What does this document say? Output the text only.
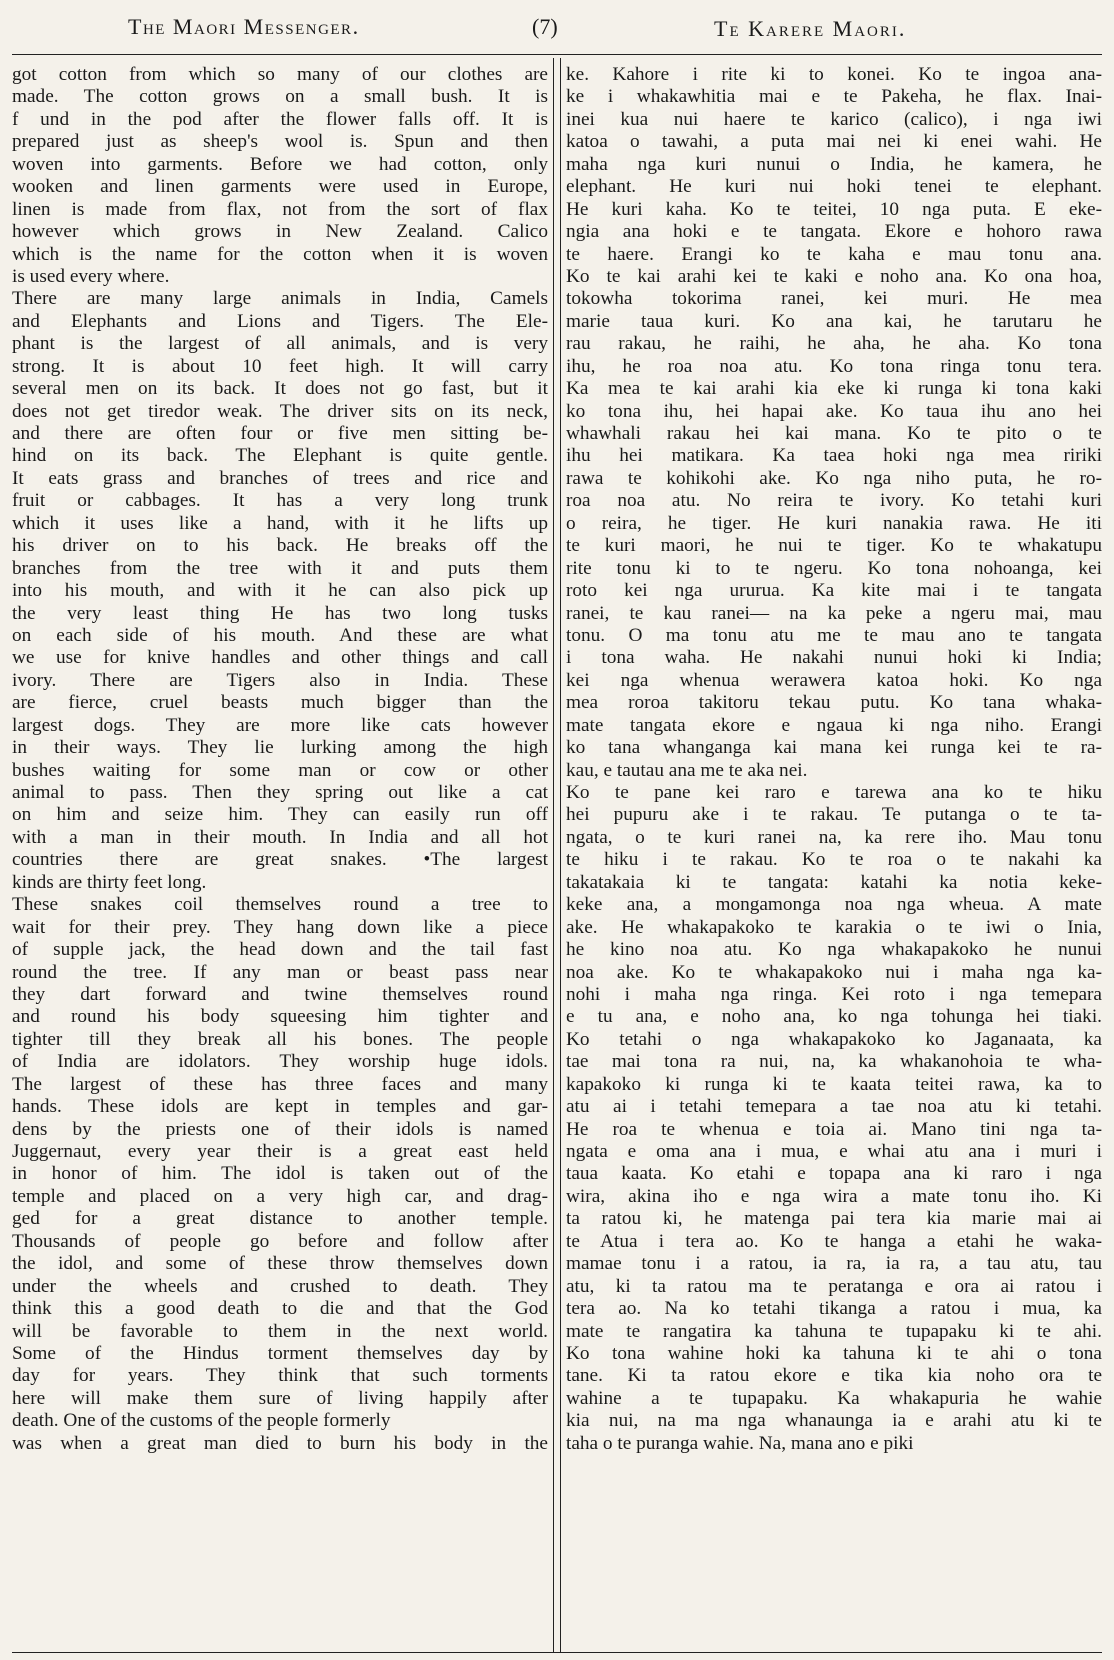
The Maori Messenger.	(7)	Te Karere Maori.
got cotton from which so many of our clothes are
made. The cotton grows on a small bush. It is
f und in the pod after the flower falls off. It is
prepared just as sheep's wool is. Spun and then
woven into garments. Before we had cotton, only
wooken and linen garments were used in Europe,
linen is made from flax, not from the sort of flax
however which grows in New Zealand. Calico
which is the name for the cotton when it is woven
is used every where.
There are many large animals in India, Camels
and Elephants and Lions and Tigers. The Ele-
phant is the largest of all animals, and is very
strong. It is about 10 feet high. It will carry
several men on its back. It does not go fast, but it
does not get tiredor weak. The driver sits on its neck,
and there are often four or five men sitting be-
hind on its back. The Elephant is quite gentle.
It eats grass and branches of trees and rice and
fruit or cabbages. It has a very long trunk
which it uses like a hand, with it he lifts up
his driver on to his back. He breaks off the
branches from the tree with it and puts them
into his mouth, and with it he can also pick up
the very least thing He has two long tusks
on each side of his mouth. And these are what
we use for knive handles and other things and call
ivory. There are Tigers also in India. These
are fierce, cruel beasts much bigger than the
largest dogs. They are more like cats however
in their ways. They lie lurking among the high
bushes waiting for some man or cow or other
animal to pass. Then they spring out like a cat
on him and seize him. They can easily run off
with a man in their mouth. In India and all hot
countries there are great snakes. •The largest
kinds are thirty feet long.
These snakes coil themselves round a tree to
wait for their prey. They hang down like a piece
of supple jack, the head down and the tail fast
round the tree. If any man or beast pass near
they dart forward and twine themselves round
and round his body squeesing him tighter and
tighter till they break all his bones. The people
of India are idolators. They worship huge idols.
The largest of these has three faces and many
hands. These idols are kept in temples and gar-
dens by the priests one of their idols is named
Juggernaut, every year their is a great east held
in honor of him. The idol is taken out of the
temple and placed on a very high car, and drag-
ged for a great distance to another temple.
Thousands of people go before and follow after
the idol, and some of these throw themselves down
under the wheels and crushed to death. They
think this a good death to die and that the God
will be favorable to them in the next world.
Some of the Hindus torment themselves day by
day for years. They think that such torments
here will make them sure of living happily after
death. One of the customs of the people formerly
was when a great man died to burn his body in the
ke. Kahore i rite ki to konei. Ko te ingoa ana-
ke i whakawhitia mai e te Pakeha, he flax. Inai-
inei kua nui haere te karico (calico), i nga iwi
katoa o tawahi, a puta mai nei ki enei wahi. He
maha nga kuri nunui o India, he kamera, he
elephant. He kuri nui hoki tenei te elephant.
He kuri kaha. Ko te teitei, 10 nga puta. E eke-
ngia ana hoki e te tangata. Ekore e hohoro rawa
te haere. Erangi ko te kaha e mau tonu ana.
Ko te kai arahi kei te kaki e noho ana. Ko ona hoa,
tokowha tokorima ranei, kei muri. He mea
marie taua kuri. Ko ana kai, he tarutaru he
rau rakau, he raihi, he aha, he aha. Ko tona
ihu, he roa noa atu. Ko tona ringa tonu tera.
Ka mea te kai arahi kia eke ki runga ki tona kaki
ko tona ihu, hei hapai ake. Ko taua ihu ano hei
whawhali rakau hei kai mana. Ko te pito o te
ihu hei matikara. Ka taea hoki nga mea ririki
rawa te kohikohi ake. Ko nga niho puta, he ro-
roa noa atu. No reira te ivory. Ko tetahi kuri
o reira, he tiger. He kuri nanakia rawa. He iti
te kuri maori, he nui te tiger. Ko te whakatupu
rite tonu ki to te ngeru. Ko tona nohoanga, kei
roto kei nga ururua. Ka kite mai i te tangata
ranei, te kau ranei— na ka peke a ngeru mai, mau
tonu. O ma tonu atu me te mau ano te tangata
i tona waha. He nakahi nunui hoki ki India;
kei nga whenua werawera katoa hoki. Ko nga
mea roroa takitoru tekau putu. Ko tana whaka-
mate tangata ekore e ngaua ki nga niho. Erangi
ko tana whanganga kai mana kei runga kei te ra-
kau, e tautau ana me te aka nei.
Ko te pane kei raro e tarewa ana ko te hiku
hei pupuru ake i te rakau. Te putanga o te ta-
ngata, o te kuri ranei na, ka rere iho. Mau tonu
te hiku i te rakau. Ko te roa o te nakahi ka
takatakaia ki te tangata: katahi ka notia keke-
keke ana, a mongamonga noa nga wheua. A mate
ake. He whakapakoko te karakia o te iwi o Inia,
he kino noa atu. Ko nga whakapakoko he nunui
noa ake. Ko te whakapakoko nui i maha nga ka-
nohi i maha nga ringa. Kei roto i nga temepara
e tu ana, e noho ana, ko nga tohunga hei tiaki.
Ko tetahi o nga whakapakoko ko Jaganaata, ka
tae mai tona ra nui, na, ka whakanohoia te wha-
kapakoko ki runga ki te kaata teitei rawa, ka to
atu ai i tetahi temepara a tae noa atu ki tetahi.
He roa te whenua e toia ai. Mano tini nga ta-
ngata e oma ana i mua, e whai atu ana i muri i
taua kaata. Ko etahi e topapa ana ki raro i nga
wira, akina iho e nga wira a mate tonu iho. Ki
ta ratou ki, he matenga pai tera kia marie mai ai
te Atua i tera ao. Ko te hanga a etahi he waka-
mamae tonu i a ratou, ia ra, ia ra, a tau atu, tau
atu, ki ta ratou ma te peratanga e ora ai ratou i
tera ao. Na ko tetahi tikanga a ratou i mua, ka
mate te rangatira ka tahuna te tupapaku ki te ahi.
Ko tona wahine hoki ka tahuna ki te ahi o tona
tane. Ki ta ratou ekore e tika kia noho ora te
wahine a te tupapaku. Ka whakapuria he wahie
kia nui, na ma nga whanaunga ia e arahi atu ki te
taha o te puranga wahie. Na, mana ano e piki
